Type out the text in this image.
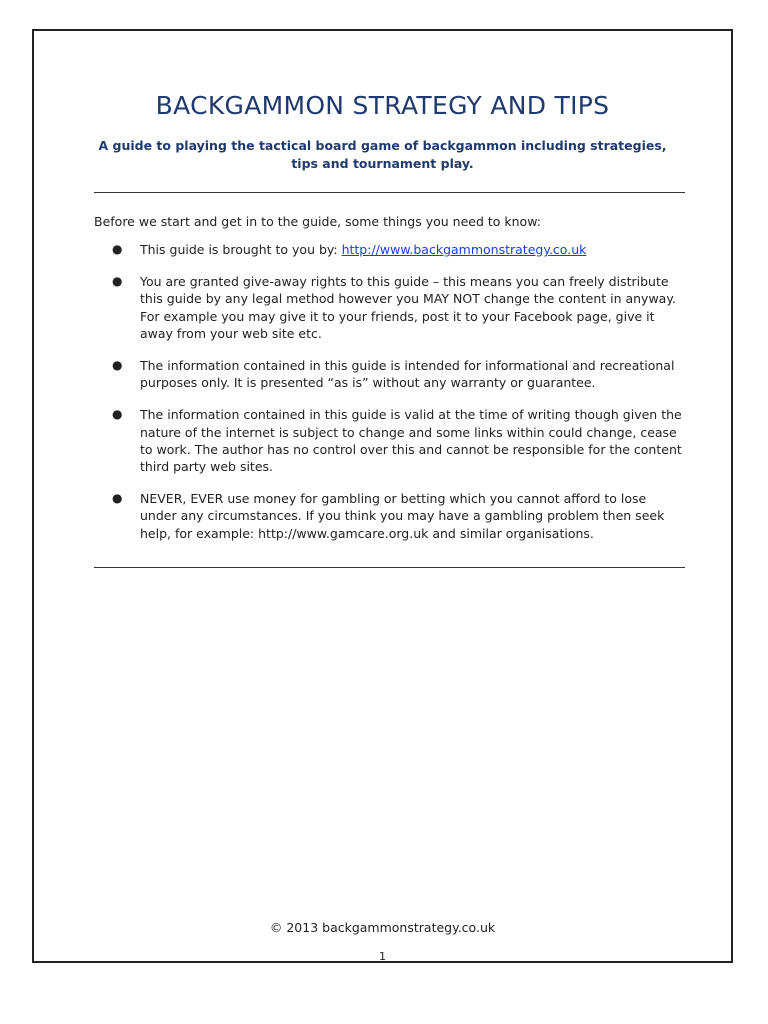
BACKGAMMON STRATEGY AND TIPS
A guide to playing the tactical board game of backgammon including strategies, tips and tournament play.
Before we start and get in to the guide, some things you need to know:
● This guide is brought to you by: http://www.backgammonstrategy.co.uk
● You are granted give-away rights to this guide – this means you can freely distribute this guide by any legal method however you MAY NOT change the content in anyway. For example you may give it to your friends, post it to your Facebook page, give it away from your web site etc.
● The information contained in this guide is intended for informational and recreational purposes only. It is presented “as is” without any warranty or guarantee.
● The information contained in this guide is valid at the time of writing though given the nature of the internet is subject to change and some links within could change, cease to work. The author has no control over this and cannot be responsible for the content third party web sites.
● NEVER, EVER use money for gambling or betting which you cannot afford to lose under any circumstances. If you think you may have a gambling problem then seek help, for example: http://www.gamcare.org.uk and similar organisations.
© 2013 backgammonstrategy.co.uk
1
